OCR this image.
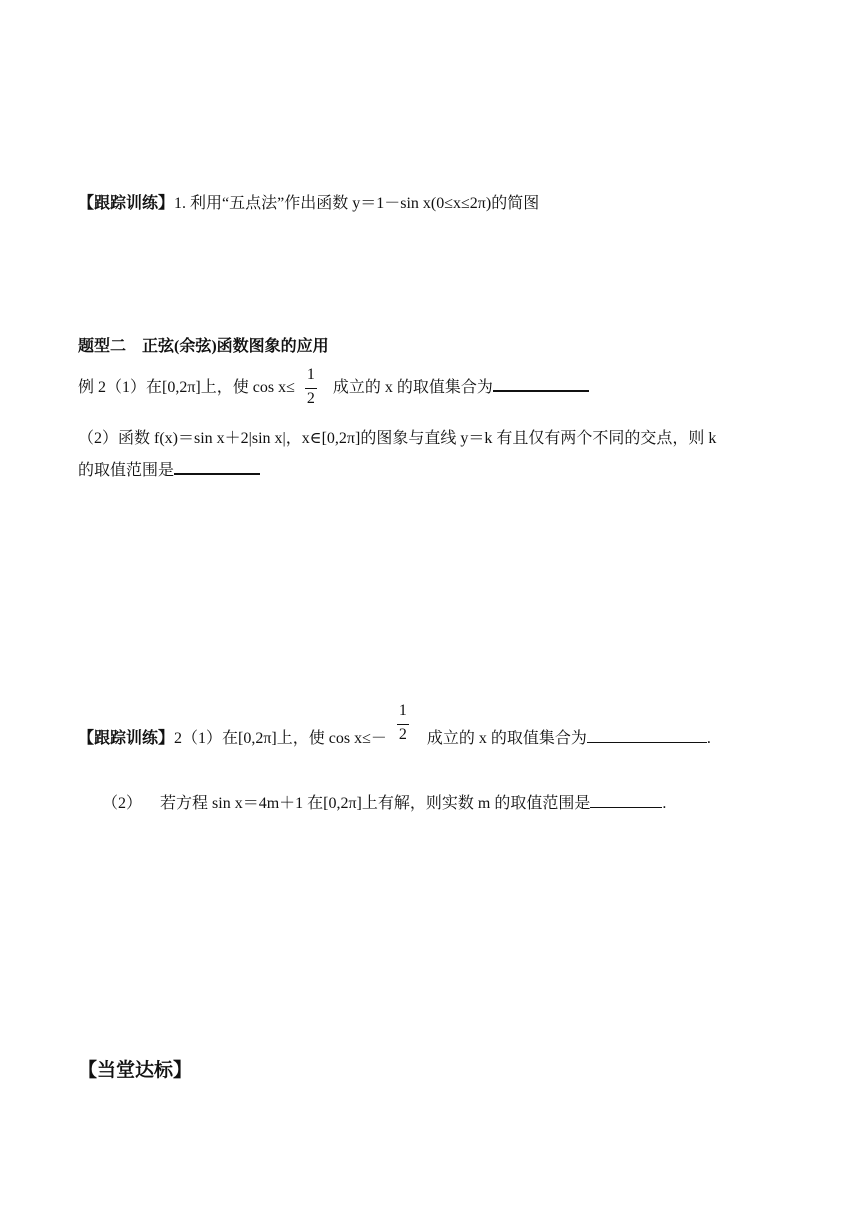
【跟踪训练】1. 利用“五点法”作出函数 y＝1－sin x(0≤x≤2π)的简图
题型二　正弦(余弦)函数图象的应用
例 2（1）在[0,2π]上，使 $\cos x\le \frac{1}{2}$ 成立的 x 的取值集合为
（2）函数 f(x)＝sin x＋2|sin x|，x∈[0,2π]的图象与直线 y＝k 有且仅有两个不同的交点，则 k
的取值范围是
【跟踪训练】2（1）在[0,2π]上，使 $\cos x\le- \frac{1}{2}$ 成立的 x 的取值集合为	.
（2） 若方程 sin x＝4m＋1 在[0,2π]上有解，则实数 m 的取值范围是	.
【当堂达标】
